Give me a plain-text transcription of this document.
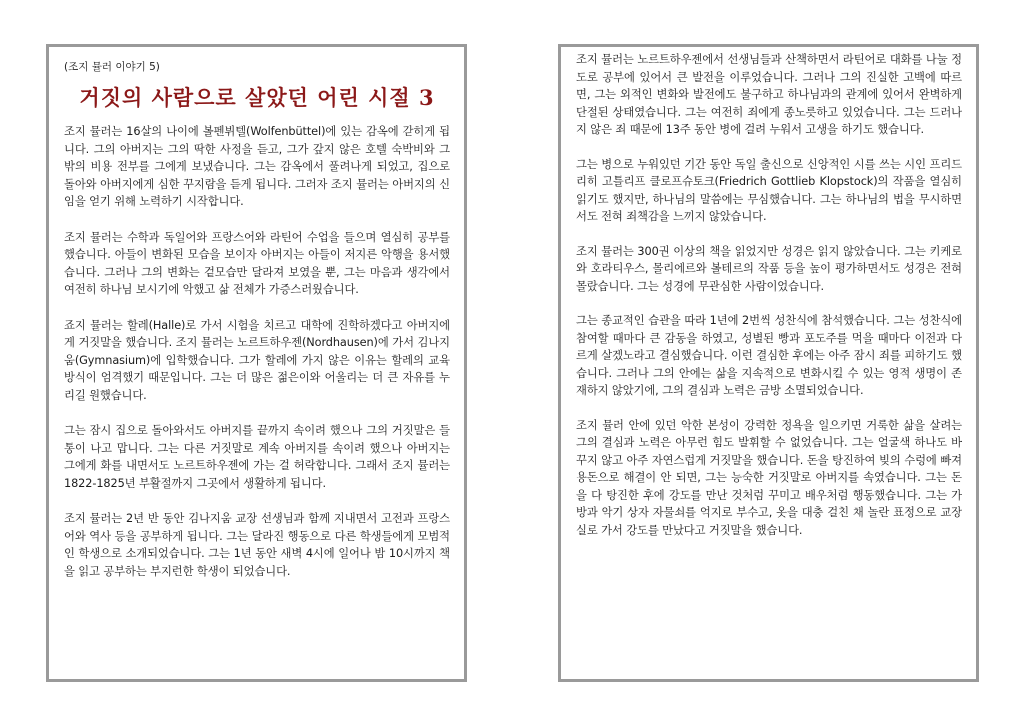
(조지 뮬러 이야기 5)
거짓의 사람으로 살았던 어린 시절 3

조지 뮬러는 16살의 나이에 볼펜뷔텔(Wolfenbüttel)에 있는 감옥에 갇히게 됩니다. 그의 아버지는 그의 딱한 사정을 듣고, 그가 갚지 않은 호텔 숙박비와 그 밖의 비용 전부를 그에게 보냈습니다. 그는 감옥에서 풀려나게 되었고, 집으로 돌아와 아버지에게 심한 꾸지람을 듣게 됩니다. 그러자 조지 뮬러는 아버지의 신임을 얻기 위해 노력하기 시작합니다.

조지 뮬러는 수학과 독일어와 프랑스어와 라틴어 수업을 들으며 열심히 공부를 했습니다. 아들이 변화된 모습을 보이자 아버지는 아들이 저지른 악행을 용서했습니다. 그러나 그의 변화는 겉모습만 달라져 보였을 뿐, 그는 마음과 생각에서 여전히 하나님 보시기에 악했고 삶 전체가 가증스러웠습니다.

죠지 뮬러는 할레(Halle)로 가서 시험을 치르고 대학에 진학하겠다고 아버지에게 거짓말을 했습니다. 조지 뮬러는 노르트하우젠(Nordhausen)에 가서 김나지움(Gymnasium)에 입학했습니다. 그가 할레에 가지 않은 이유는 할레의 교육방식이 엄격했기 때문입니다. 그는 더 많은 젊은이와 어울리는 더 큰 자유를 누리길 원했습니다.

그는 잠시 집으로 돌아와서도 아버지를 끝까지 속이려 했으나 그의 거짓말은 들통이 나고 맙니다. 그는 다른 거짓말로 계속 아버지를 속이려 했으나 아버지는 그에게 화를 내면서도 노르트하우젠에 가는 걸 허락합니다. 그래서 조지 뮬러는 1822-1825년 부활절까지 그곳에서 생활하게 됩니다.

조지 뮬러는 2년 반 동안 김나지움 교장 선생님과 함께 지내면서 고전과 프랑스어와 역사 등을 공부하게 됩니다. 그는 달라진 행동으로 다른 학생들에게 모범적인 학생으로 소개되었습니다. 그는 1년 동안 새벽 4시에 일어나 밤 10시까지 책을 읽고 공부하는 부지런한 학생이 되었습니다.

조지 뮬러는 노르트하우젠에서 선생님들과 산책하면서 라틴어로 대화를 나눌 정도로 공부에 있어서 큰 발전을 이루었습니다. 그러나 그의 진실한 고백에 따르면, 그는 외적인 변화와 발전에도 불구하고 하나님과의 관계에 있어서 완벽하게 단절된 상태였습니다. 그는 여전히 죄에게 종노릇하고 있었습니다. 그는 드러나지 않은 죄 때문에 13주 동안 병에 걸려 누워서 고생을 하기도 했습니다.

그는 병으로 누워있던 기간 동안 독일 출신으로 신앙적인 시를 쓰는 시인 프리드리히 고틀리프 클로프슈토크(Friedrich Gottlieb Klopstock)의 작품을 열심히 읽기도 했지만, 하나님의 말씀에는 무심했습니다. 그는 하나님의 법을 무시하면서도 전혀 죄책감을 느끼지 않았습니다.

조지 뮬러는 300권 이상의 책을 읽었지만 성경은 읽지 않았습니다. 그는 키케로와 호라티우스, 몰리에르와 볼테르의 작품 등을 높이 평가하면서도 성경은 전혀 몰랐습니다. 그는 성경에 무관심한 사람이었습니다.

그는 종교적인 습관을 따라 1년에 2번씩 성찬식에 참석했습니다. 그는 성찬식에 참여할 때마다 큰 감동을 하였고, 성별된 빵과 포도주를 먹을 때마다 이전과 다르게 살겠노라고 결심했습니다. 이런 결심한 후에는 아주 잠시 죄를 피하기도 했습니다. 그러나 그의 안에는 삶을 지속적으로 변화시킬 수 있는 영적 생명이 존재하지 않았기에, 그의 결심과 노력은 금방 소멸되었습니다.

조지 뮬러 안에 있던 악한 본성이 강력한 정욕을 일으키면 거룩한 삶을 살려는 그의 결심과 노력은 아무런 힘도 발휘할 수 없었습니다. 그는 얼굴색 하나도 바꾸지 않고 아주 자연스럽게 거짓말을 했습니다. 돈을 탕진하여 빚의 수렁에 빠져 용돈으로 해결이 안 되면, 그는 능숙한 거짓말로 아버지를 속였습니다. 그는 돈을 다 탕진한 후에 강도를 만난 것처럼 꾸미고 배우처럼 행동했습니다. 그는 가방과 악기 상자 자물쇠를 억지로 부수고, 옷을 대충 걸친 채 놀란 표정으로 교장실로 가서 강도를 만났다고 거짓말을 했습니다.
